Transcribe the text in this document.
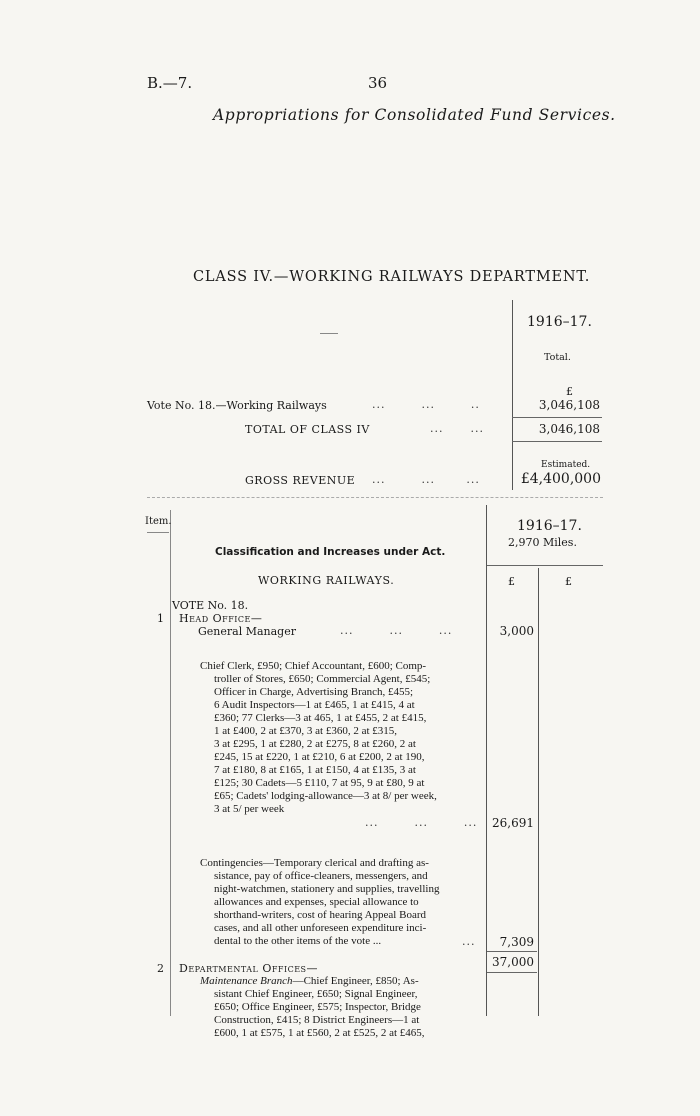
B.—7.	36
Appropriations for Consolidated Fund Services.
CLASS IV.—WORKING RAILWAYS DEPARTMENT.
1916–17.
Total.
£
Vote No. 18.—Working Railways	...        ...        ..	3,046,108
TOTAL OF CLASS IV	...      ...	3,046,108
Estimated.
GROSS REVENUE ...        ...       ...	£4,400,000
Item.	1916–17.
2,970 Miles.
Classification and Increases under Act.
WORKING RAILWAYS.	£	£
VOTE No. 18.
1 Head Office—
General Manager	...        ...        ...	3,000
Chief Clerk, £950; Chief Accountant, £600; Comp-
troller of Stores, £650; Commercial Agent, £545;
Officer in Charge, Advertising Branch, £455;
6 Audit Inspectors—1 at £465, 1 at £415, 4 at
£360; 77 Clerks—3 at 465, 1 at £455, 2 at £415,
1 at £400, 2 at £370, 3 at £360, 2 at £315,
3 at £295, 1 at £280, 2 at £275, 8 at £260, 2 at
£245, 15 at £220, 1 at £210, 6 at £200, 2 at 190,
7 at £180, 8 at £165, 1 at £150, 4 at £135, 3 at
£125; 30 Cadets—5 £110, 7 at 95, 9 at £80, 9 at
£65; Cadets' lodging-allowance—3 at 8/ per week,
3 at 5/ per week
...        ...        ... 26,691
Contingencies—Temporary clerical and drafting as-
sistance, pay of office-cleaners, messengers, and
night-watchmen, stationery and supplies, travelling
allowances and expenses, special allowance to
shorthand-writers, cost of hearing Appeal Board
cases, and all other unforeseen expenditure inci-
dental to the other items of the vote ...	...	7,309
37,000
2 Departmental Offices—
Maintenance Branch—Chief Engineer, £850; As-
sistant Chief Engineer, £650; Signal Engineer,
£650; Office Engineer, £575; Inspector, Bridge
Construction, £415; 8 District Engineers—1 at
£600, 1 at £575, 1 at £560, 2 at £525, 2 at £465,
